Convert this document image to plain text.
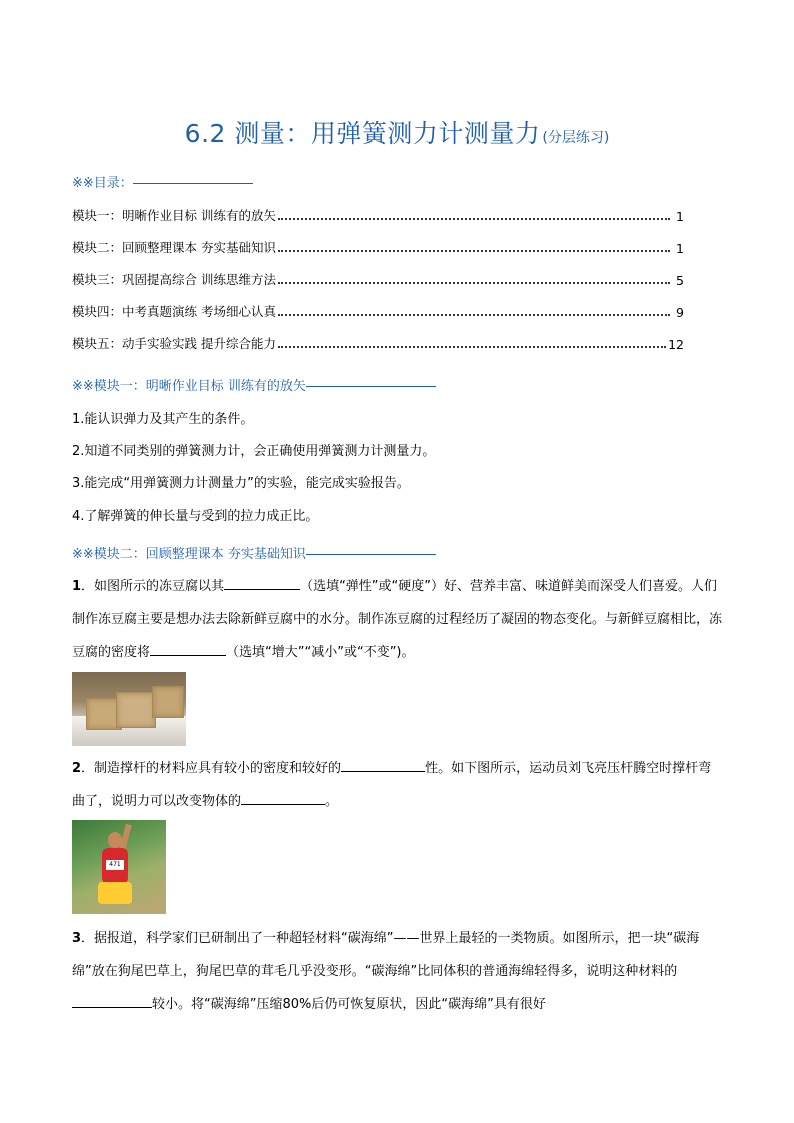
6.2 测量：用弹簧测力计测量力 (分层练习)
※※目录：
模块一：明晰作业目标 训练有的放矢	1
模块二：回顾整理课本 夯实基础知识	1
模块三：巩固提高综合 训练思维方法	5
模块四：中考真题演练 考场细心认真	9
模块五：动手实验实践 提升综合能力	12
※※模块一：明晰作业目标 训练有的放矢
1.能认识弹力及其产生的条件。
2.知道不同类别的弹簧测力计，会正确使用弹簧测力计测量力。
3.能完成“用弹簧测力计测量力”的实验，能完成实验报告。
4.了解弹簧的伸长量与受到的拉力成正比。
※※模块二：回顾整理课本 夯实基础知识
1．如图所示的冻豆腐以其	（选填“弹性”或“硬度”）好、营养丰富、味道鲜美而深受人们喜爱。人们制作冻豆腐主要是想办法去除新鲜豆腐中的水分。制作冻豆腐的过程经历了凝固的物态变化。与新鲜豆腐相比，冻豆腐的密度将	（选填“增大”“减小”或“不变”)。
2．制造撑杆的材料应具有较小的密度和较好的	性。如下图所示，运动员刘飞亮压杆腾空时撑杆弯曲了，说明力可以改变物体的	。
471
3．据报道，科学家们已研制出了一种超轻材料“碳海绵”——世界上最轻的一类物质。如图所示，把一块“碳海绵”放在狗尾巴草上，狗尾巴草的茸毛几乎没变形。“碳海绵”比同体积的普通海绵轻得多，说明这种材料的较小。将“碳海绵”压缩80%后仍可恢复原状，因此“碳海绵”具有很好
